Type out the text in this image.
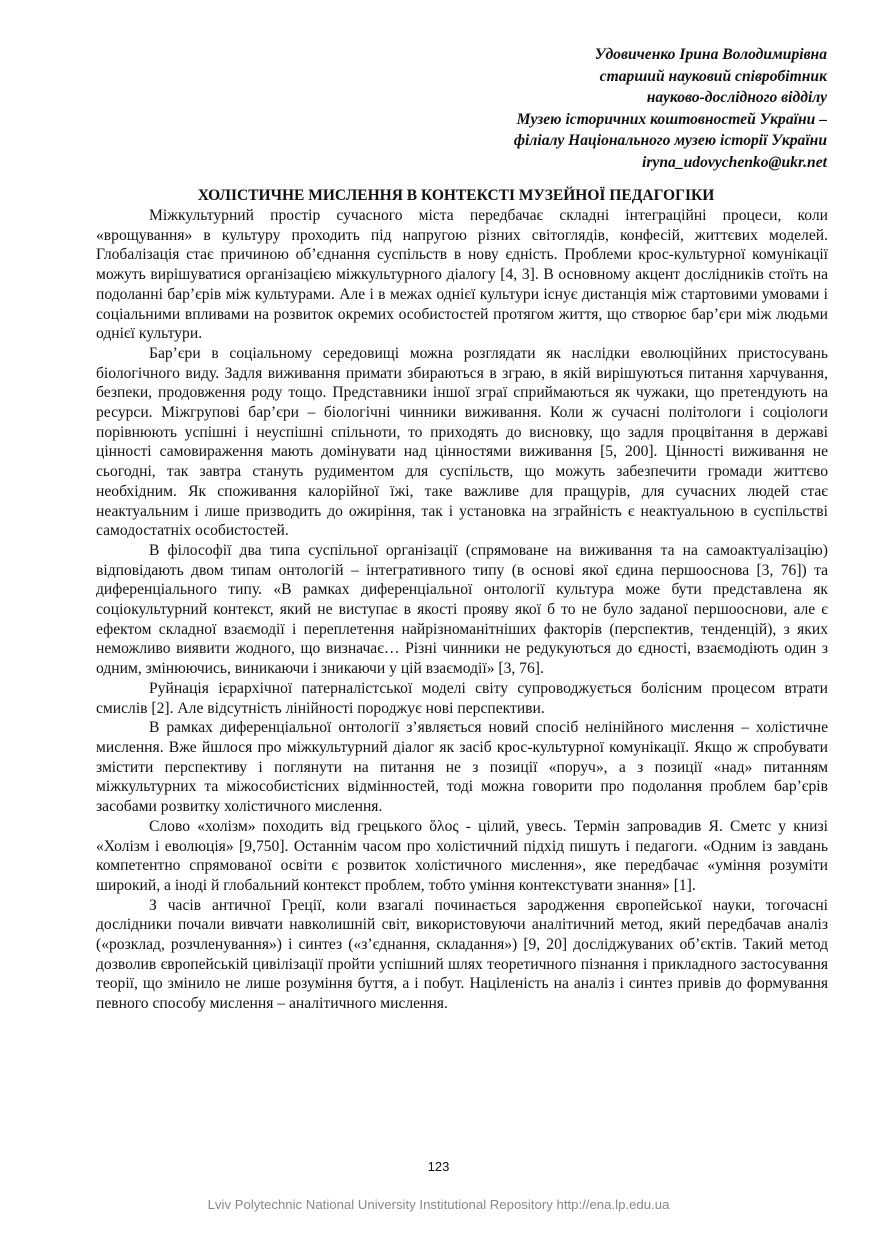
Удовиченко Ірина Володимирівна
старший науковий співробітник
науково-дослідного відділу
Музею історичних коштовностей України –
філіалу Національного музею історії України
iryna_udovychenko@ukr.net
ХОЛІСТИЧНЕ МИСЛЕННЯ В КОНТЕКСТІ МУЗЕЙНОЇ ПЕДАГОГІКИ

Міжкультурний простір сучасного міста передбачає складні інтеграційні процеси, коли «врощування» в культуру проходить під напругою різних світоглядів, конфесій, життєвих моделей. Глобалізація стає причиною об’єднання суспільств в нову єдність. Проблеми крос-культурної комунікації можуть вирішуватися організацією міжкультурного діалогу [4, 3]. В основному акцент дослідників стоїть на подоланні бар’єрів між культурами. Але і в межах однієї культури існує дистанція між стартовими умовами і соціальними впливами на розвиток окремих особистостей протягом життя, що створює бар’єри між людьми однієї культури.

Бар’єри в соціальному середовищі можна розглядати як наслідки еволюційних пристосувань біологічного виду. Задля виживання примати збираються в зграю, в якій вирішуються питання харчування, безпеки, продовження роду тощо. Представники іншої зграї сприймаються як чужаки, що претендують на ресурси. Міжгрупові бар’єри – біологічні чинники виживання. Коли ж сучасні політологи і соціологи порівнюють успішні і неуспішні спільноти, то приходять до висновку, що задля процвітання в державі цінності самовираження мають домінувати над цінностями виживання [5, 200]. Цінності виживання не сьогодні, так завтра стануть рудиментом для суспільств, що можуть забезпечити громади життєво необхідним. Як споживання калорійної їжі, таке важливе для пращурів, для сучасних людей стає неактуальним і лише призводить до ожиріння, так і установка на зграйність є неактуальною в суспільстві самодостатніх особистостей.

В філософії два типа суспільної організації (спрямоване на виживання та на самоактуалізацію) відповідають двом типам онтологій – інтегративного типу (в основі якої єдина першооснова [3, 76]) та диференціального типу. «В рамках диференціальної онтології культура може бути представлена як соціокультурний контекст, який не виступає в якості прояву якої б то не було заданої першооснови, але є ефектом складної взаємодії і переплетення найрізноманітніших факторів (перспектив, тенденцій), з яких неможливо виявити жодного, що визначає… Різні чинники не редукуються до єдності, взаємодіють один з одним, змінюючись, виникаючи і зникаючи у цій взаємодії» [3, 76].

Руйнація ієрархічної патерналістської моделі світу супроводжується болісним процесом втрати смислів [2]. Але відсутність лінійності породжує нові перспективи.

В рамках диференціальної онтології з’являється новий спосіб нелінійного мислення – холістичне мислення. Вже йшлося про міжкультурний діалог як засіб крос-культурної комунікації. Якщо ж спробувати змістити перспективу і поглянути на питання не з позиції «поруч», а з позиції «над» питанням міжкультурних та міжособистісних відмінностей, тоді можна говорити про подолання проблем бар’єрів засобами розвитку холістичного мислення.

Слово «холізм» походить від грецького ὅλος - цілий, увесь. Термін запровадив Я. Сметс у книзі «Холізм і еволюція» [9,750]. Останнім часом про холістичний підхід пишуть і педагоги. «Одним із завдань компетентно спрямованої освіти є розвиток холістичного мислення», яке передбачає «уміння розуміти широкий, а іноді й глобальний контекст проблем, тобто уміння контекстувати знання» [1].

З часів античної Греції, коли взагалі починається зародження європейської науки, тогочасні дослідники почали вивчати навколишній світ, використовуючи аналітичний метод, який передбачав аналіз («розклад, розчленування») і синтез («з’єднання, складання») [9, 20] досліджуваних об’єктів. Такий метод дозволив європейській цивілізації пройти успішний шлях теоретичного пізнання і прикладного застосування теорії, що змінило не лише розуміння буття, а і побут. Націленість на аналіз і синтез привів до формування певного способу мислення – аналітичного мислення.

123
Lviv Polytechnic National University Institutional Repository http://ena.lp.edu.ua
